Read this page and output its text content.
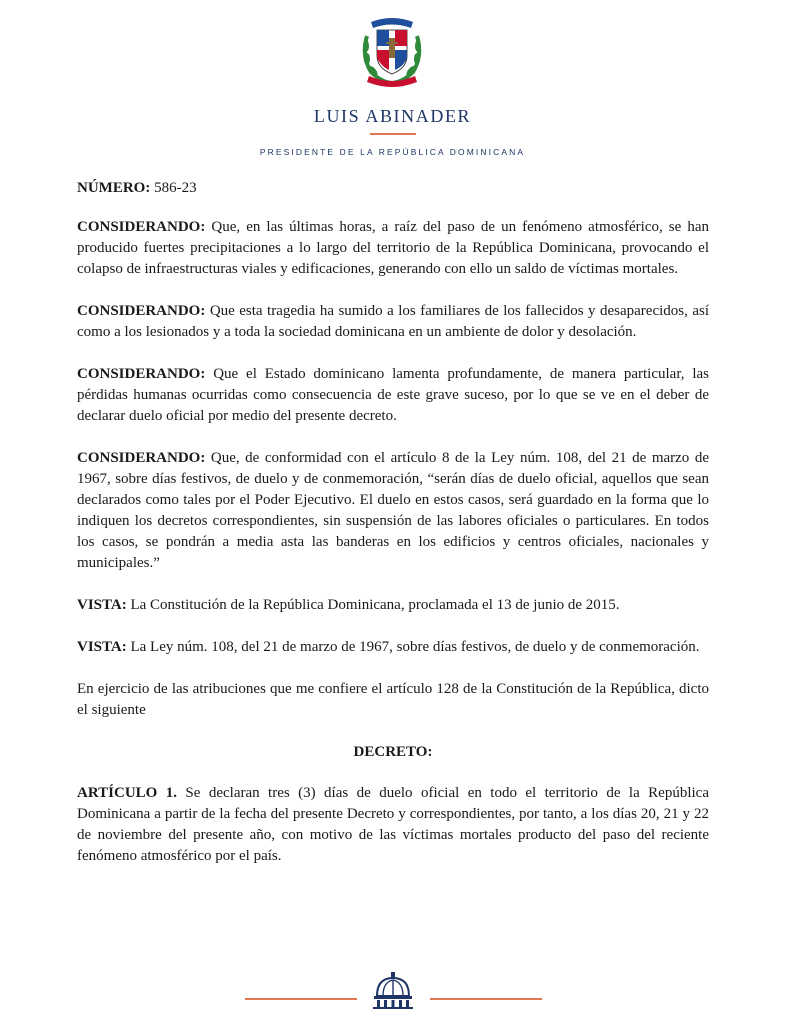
LUIS ABINADER
PRESIDENTE DE LA REPÚBLICA DOMINICANA

NÚMERO: 586-23

CONSIDERANDO: Que, en las últimas horas, a raíz del paso de un fenómeno atmosférico, se han producido fuertes precipitaciones a lo largo del territorio de la República Dominicana, provocando el colapso de infraestructuras viales y edificaciones, generando con ello un saldo de víctimas mortales.

CONSIDERANDO: Que esta tragedia ha sumido a los familiares de los fallecidos y desaparecidos, así como a los lesionados y a toda la sociedad dominicana en un ambiente de dolor y desolación.

CONSIDERANDO: Que el Estado dominicano lamenta profundamente, de manera particular, las pérdidas humanas ocurridas como consecuencia de este grave suceso, por lo que se ve en el deber de declarar duelo oficial por medio del presente decreto.

CONSIDERANDO: Que, de conformidad con el artículo 8 de la Ley núm. 108, del 21 de marzo de 1967, sobre días festivos, de duelo y de conmemoración, “serán días de duelo oficial, aquellos que sean declarados como tales por el Poder Ejecutivo. El duelo en estos casos, será guardado en la forma que lo indiquen los decretos correspondientes, sin suspensión de las labores oficiales o particulares. En todos los casos, se pondrán a media asta las banderas en los edificios y centros oficiales, nacionales y municipales.”

VISTA: La Constitución de la República Dominicana, proclamada el 13 de junio de 2015.

VISTA: La Ley núm. 108, del 21 de marzo de 1967, sobre días festivos, de duelo y de conmemoración.

En ejercicio de las atribuciones que me confiere el artículo 128 de la Constitución de la República, dicto el siguiente

DECRETO:

ARTÍCULO 1. Se declaran tres (3) días de duelo oficial en todo el territorio de la República Dominicana a partir de la fecha del presente Decreto y correspondientes, por tanto, a los días 20, 21 y 22 de noviembre del presente año, con motivo de las víctimas mortales producto del paso del reciente fenómeno atmosférico por el país.
